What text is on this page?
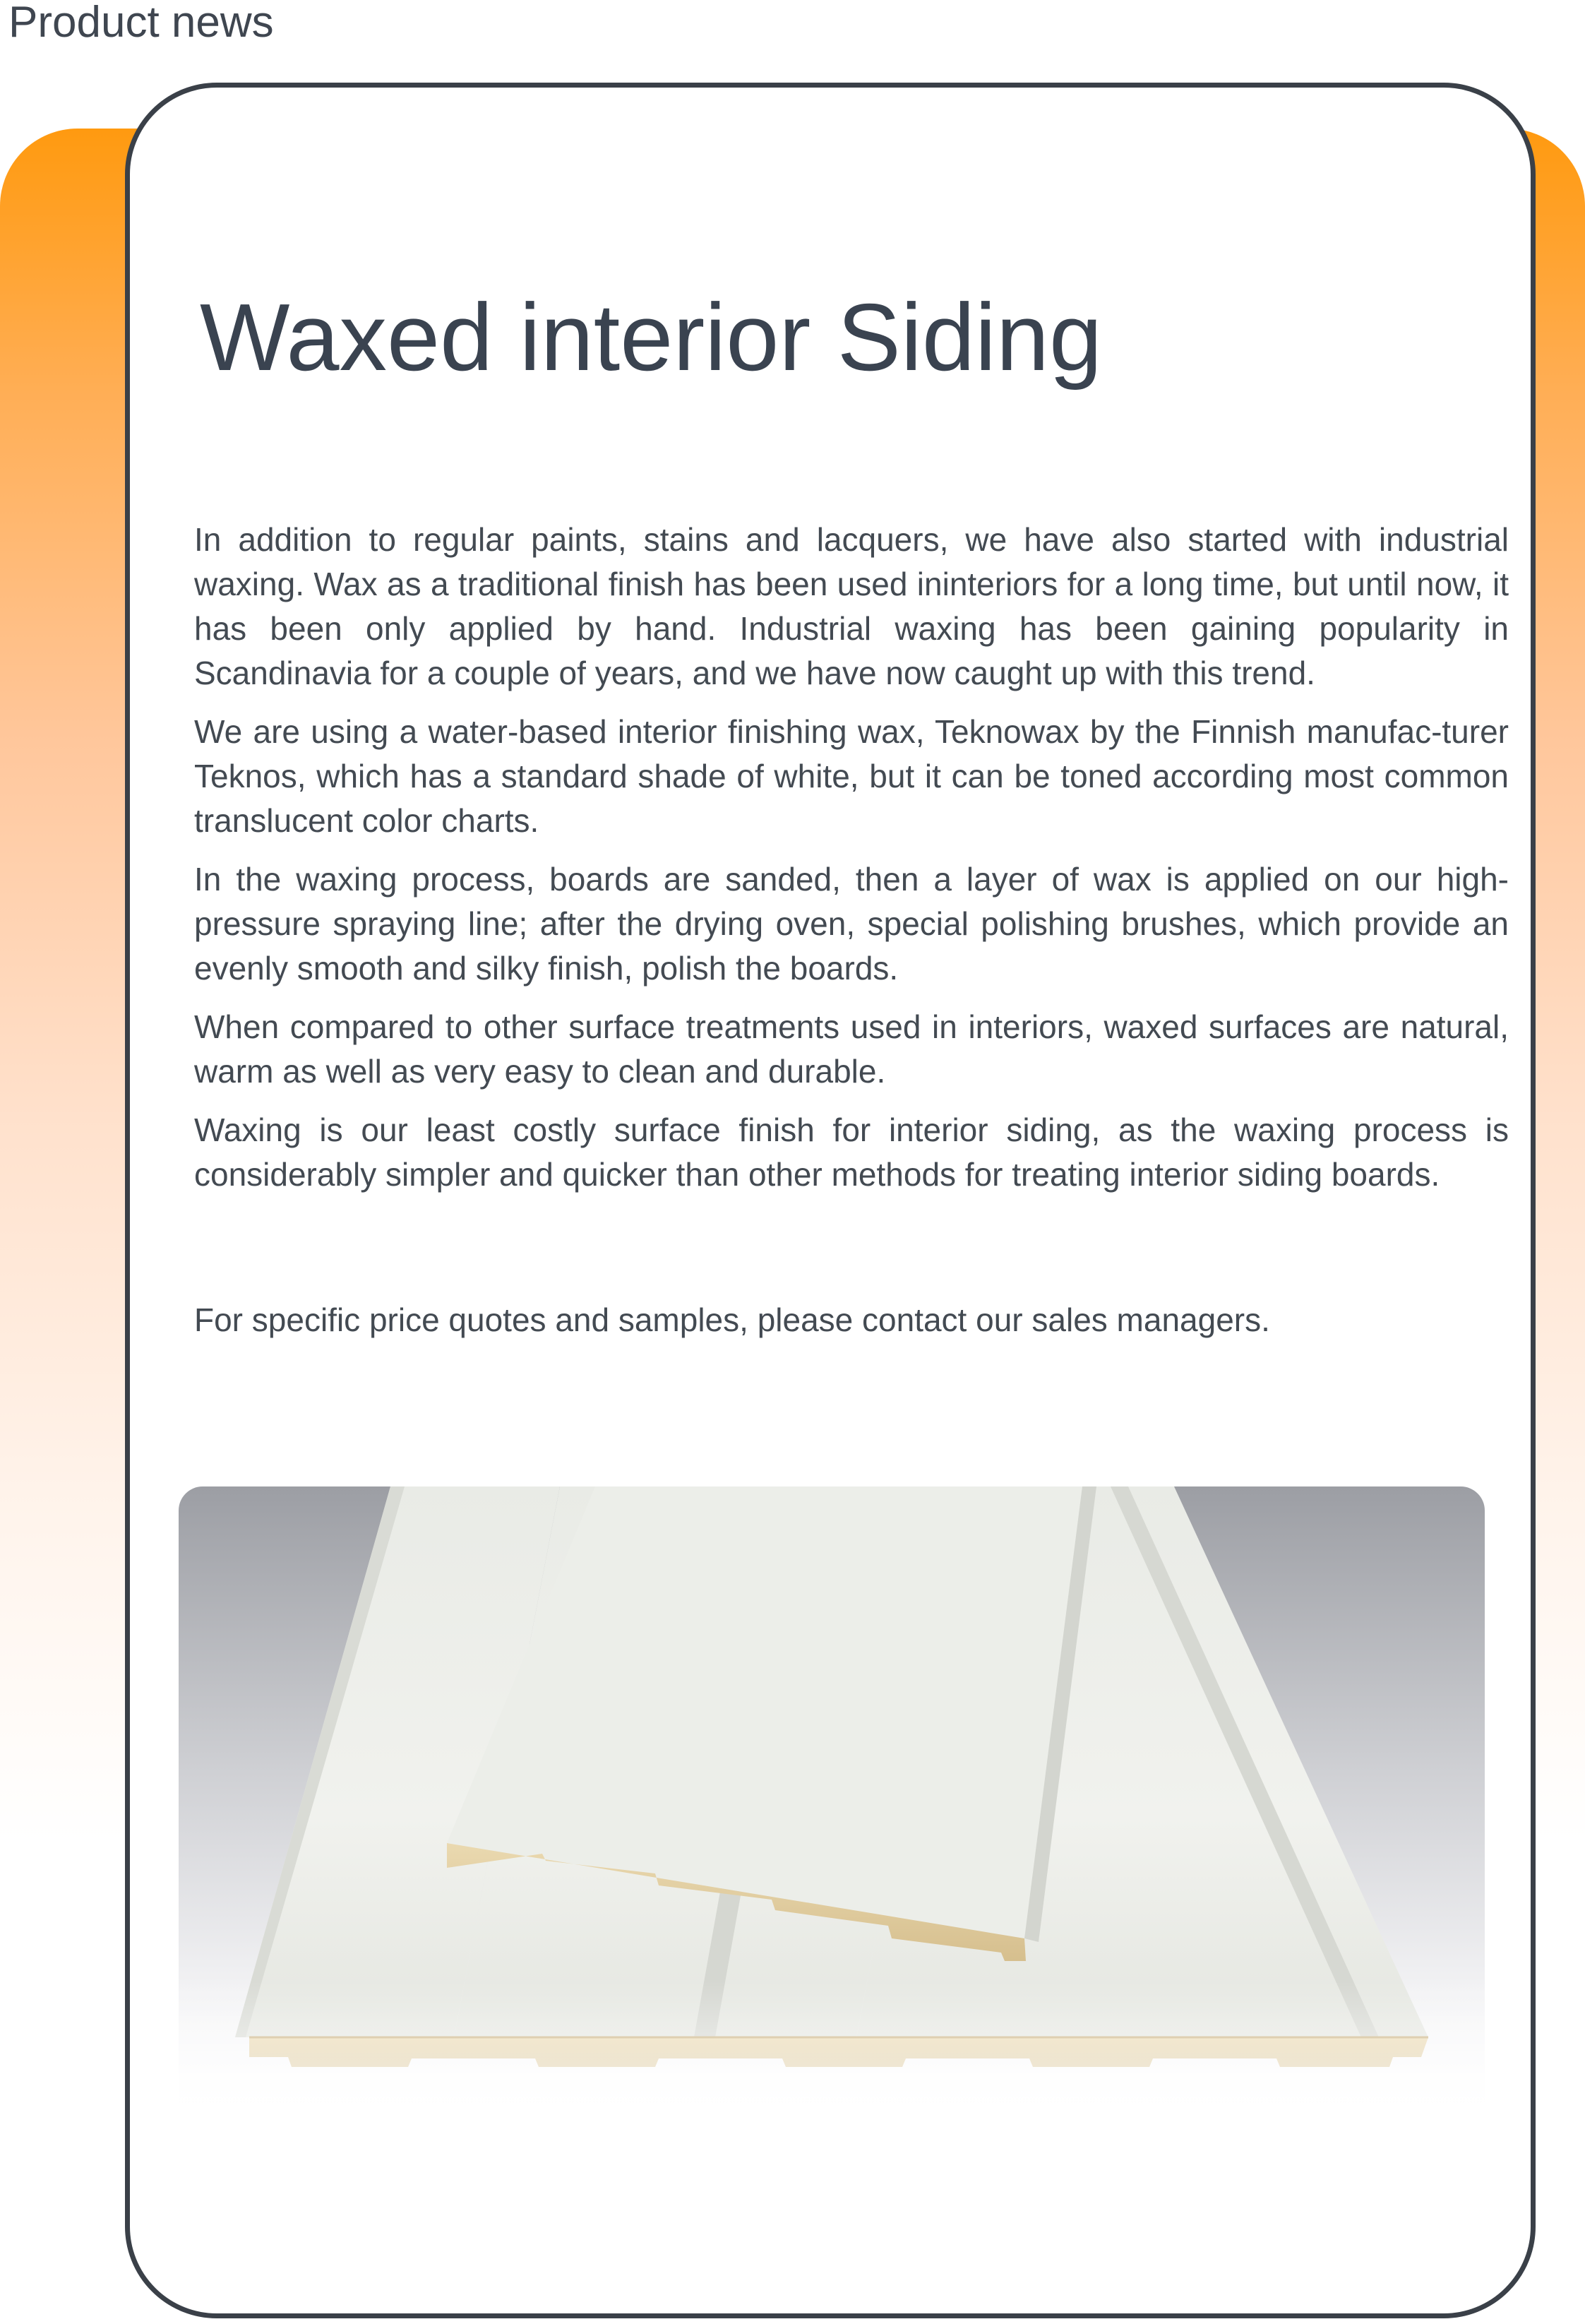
Product news
Waxed interior Siding

In addition to regular paints, stains and lacquers, we have also started with industrial waxing. Wax as a traditional finish has been used ininteriors for a long time, but until now, it has been only applied by hand. Industrial waxing has been gaining popularity in Scandinavia for a couple of years, and we have now caught up with this trend.

We are using a water-based interior finishing wax, Teknowax by the Finnish manufac-turer Teknos, which has a standard shade of white, but it can be toned according most common translucent color charts.

In the waxing process, boards are sanded, then a layer of wax is applied on our high-pressure spraying line; after the drying oven, special polishing brushes, which provide an evenly smooth and silky finish, polish the boards.

When compared to other surface treatments used in interiors, waxed surfaces are natural, warm as well as very easy to clean and durable.

Waxing is our least costly surface finish for interior siding, as the waxing process is considerably simpler and quicker than other methods for treating interior siding boards.

For specific price quotes and samples, please contact our sales managers.
